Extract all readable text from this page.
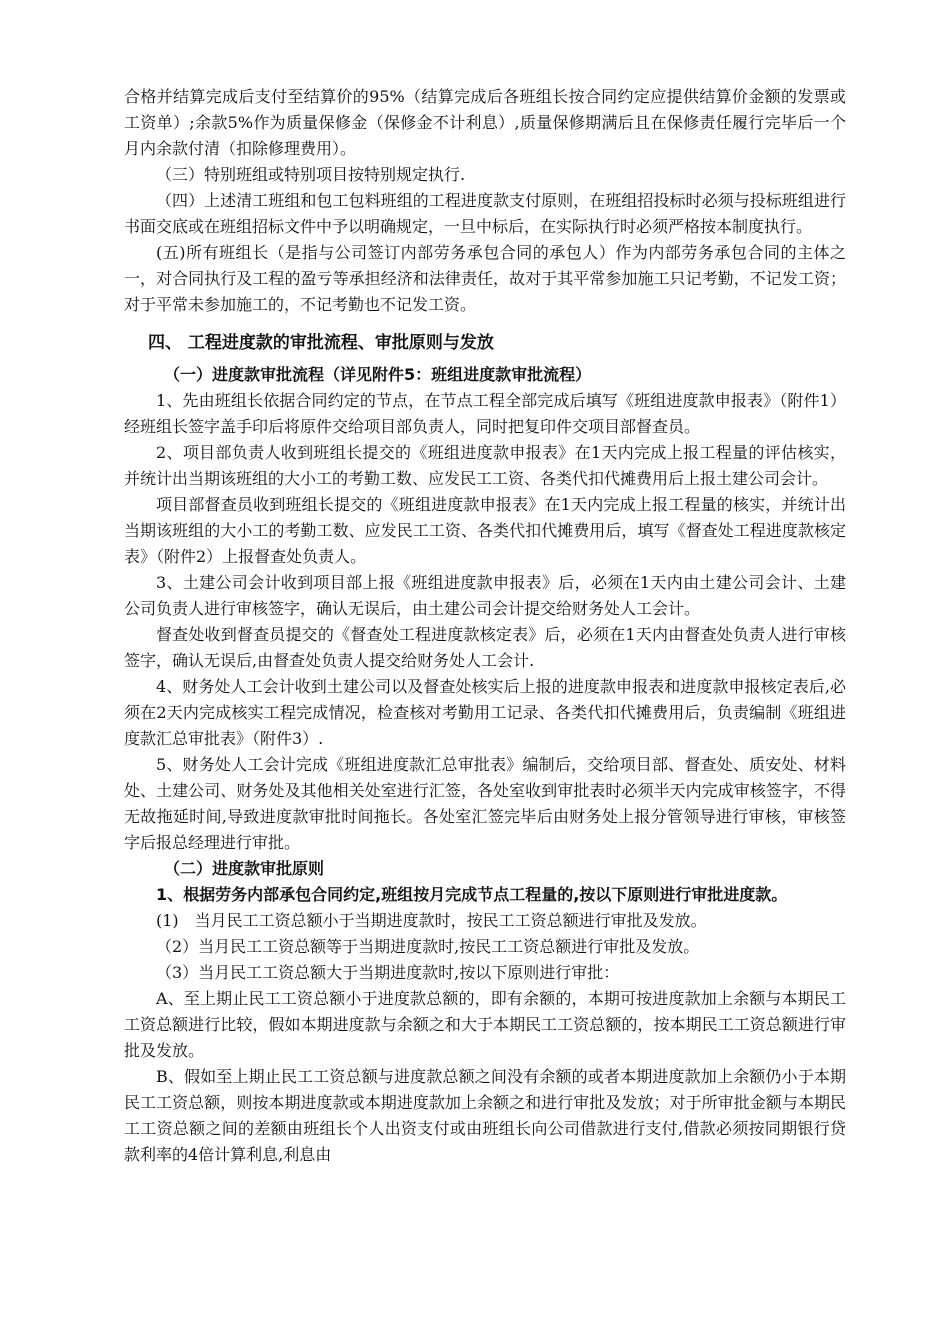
合格并结算完成后支付至结算价的95%（结算完成后各班组长按合同约定应提供结算价金额的发票或工资单）;余款5%作为质量保修金（保修金不计利息）,质量保修期满后且在保修责任履行完毕后一个月内余款付清（扣除修理费用）。

（三）特别班组或特别项目按特别规定执行.

（四）上述清工班组和包工包料班组的工程进度款支付原则，在班组招投标时必须与投标班组进行书面交底或在班组招标文件中予以明确规定，一旦中标后，在实际执行时必须严格按本制度执行。

(五)所有班组长（是指与公司签订内部劳务承包合同的承包人）作为内部劳务承包合同的主体之一，对合同执行及工程的盈亏等承担经济和法律责任，故对于其平常参加施工只记考勤，不记发工资；对于平常未参加施工的，不记考勤也不记发工资。

四、 工程进度款的审批流程、审批原则与发放
（一）进度款审批流程（详见附件5：班组进度款审批流程）

1、先由班组长依据合同约定的节点，在节点工程全部完成后填写《班组进度款申报表》（附件1）经班组长签字盖手印后将原件交给项目部负责人，同时把复印件交项目部督查员。

2、项目部负责人收到班组长提交的《班组进度款申报表》在1天内完成上报工程量的评估核实，并统计出当期该班组的大小工的考勤工数、应发民工工资、各类代扣代摊费用后上报土建公司会计。

项目部督查员收到班组长提交的《班组进度款申报表》在1天内完成上报工程量的核实，并统计出当期该班组的大小工的考勤工数、应发民工工资、各类代扣代摊费用后，填写《督查处工程进度款核定表》（附件2）上报督查处负责人。

3、土建公司会计收到项目部上报《班组进度款申报表》后，必须在1天内由土建公司会计、土建公司负责人进行审核签字，确认无误后，由土建公司会计提交给财务处人工会计。

督查处收到督查员提交的《督查处工程进度款核定表》后，必须在1天内由督查处负责人进行审核签字，确认无误后,由督查处负责人提交给财务处人工会计.

4、财务处人工会计收到土建公司以及督查处核实后上报的进度款申报表和进度款申报核定表后,必须在2天内完成核实工程完成情况，检查核对考勤用工记录、各类代扣代摊费用后，负责编制《班组进度款汇总审批表》（附件3）.

5、财务处人工会计完成《班组进度款汇总审批表》编制后，交给项目部、督查处、质安处、材料处、土建公司、财务处及其他相关处室进行汇签，各处室收到审批表时必须半天内完成审核签字，不得无故拖延时间,导致进度款审批时间拖长。各处室汇签完毕后由财务处上报分管领导进行审核，审核签字后报总经理进行审批。

（二）进度款审批原则

1、根据劳务内部承包合同约定,班组按月完成节点工程量的,按以下原则进行审批进度款。

(1)　当月民工工资总额小于当期进度款时，按民工工资总额进行审批及发放。

（2）当月民工工资总额等于当期进度款时,按民工工资总额进行审批及发放。

（3）当月民工工资总额大于当期进度款时,按以下原则进行审批：

A、至上期止民工工资总额小于进度款总额的，即有余额的，本期可按进度款加上余额与本期民工工资总额进行比较，假如本期进度款与余额之和大于本期民工工资总额的，按本期民工工资总额进行审批及发放。

B、假如至上期止民工工资总额与进度款总额之间没有余额的或者本期进度款加上余额仍小于本期民工工资总额，则按本期进度款或本期进度款加上余额之和进行审批及发放；对于所审批金额与本期民工工资总额之间的差额由班组长个人出资支付或由班组长向公司借款进行支付,借款必须按同期银行贷款利率的4倍计算利息,利息由
